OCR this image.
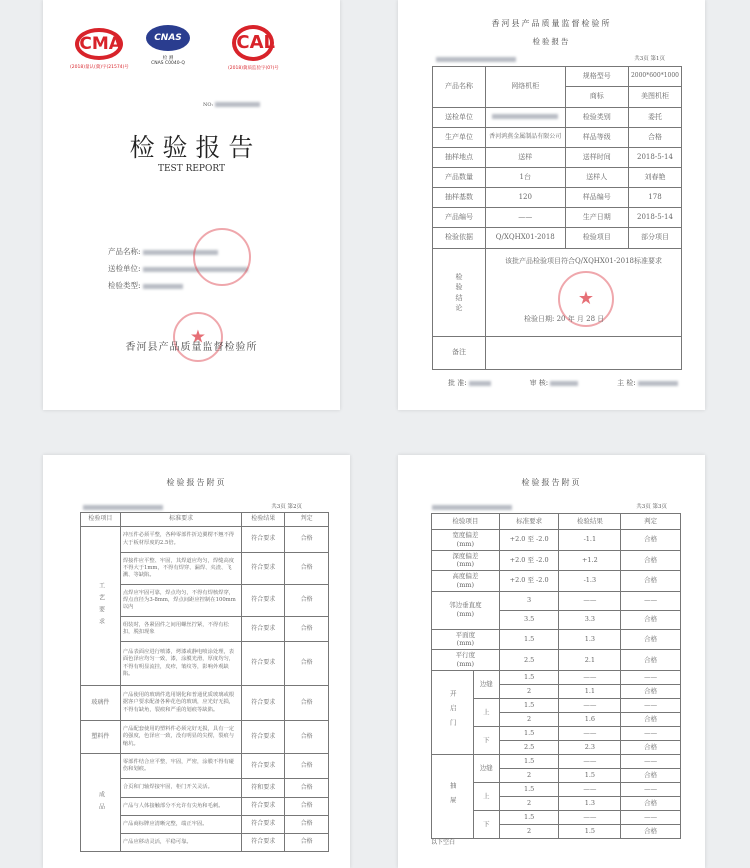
CMA
(2018)量认(冀)字(21574)号
CNAS
检 测
CNAS C0040-Q
CAL
(2018)冀质监验字(0?)号
NO:
检 验 报 告
TEST REPORT
产品名称:
送检单位:
检验类型:
★
香河县产品质量监督检验所
香河县产品质量监督检验所
检验报告
共3页 第1页
产品名称	网络机柜	规格型号	2000*600*1000
		商标	美图机柜
送检单位		检验类别	委托
生产单位	香河鸿燕金属制品有限公司	样品等级	合格
抽样地点	送样	送样时间	2018-5-14
产品数量	1台	送样人	刘春艳
抽样基数	120	样品编号	178
产品编号	——	生产日期	2018-5-14
检验依据	Q/XQHX01-2018	检验项目	部分项目
检验结论	该批产品检验项目符合Q/XQHX01-2018标准要求
★
检验日期: 20 年 月 28 日		

备注			
批 准:	审 核:	主 检:
检验报告附页
共3页 第2页
检验项目	标准要求	检验结果	判定
工艺要求	冲压件必须平整，各种零部件折边翼楞不翘不得大于板材厚度的2.5倍。	符合要求	合格
	焊接件应平整、牢固，其焊道应均匀，焊缝高度不得大于1mm，不得有焊穿、漏焊、夹渣、飞溅、等缺陷。	符合要求	合格
	点焊应牢固可靠，焊点均匀，不得有焊核焊穿，焊点直径为3-8mm，焊点间距应控制在100mm以内	符合要求	合格
	组装时，各紧固件之间用螺丝拧紧，不得有松扣，脱扣现象	符合要求	合格
	产品表面应进行喷漆，烤漆或静电喷涂处理，表面色泽应均匀一致，漆，涂膜光滑，厚度均匀，不得有明显流挂，皮疹，皱纹等，影响外观缺陷。	符合要求	合格
玻璃件	产品使用的玻璃件选用钢化和普通优质玻璃或根据客户要求配备各种花色的玻璃，应光好无损，不得有缺角，裂痕和严重的划痕等缺陷。	符合要求	合格
塑料件	产品配套使用的塑料件必须完好无损，具有一定的强度，色泽应一致，没有明显的尖楞，裂痕与缩坑。	符合要求	合格
成品	零部件结合应平整，牢固，严密，涂膜不得有碰伤和划痕。	符合要求	合格
	合页和门轴焊接牢固，柜门开关灵活。	符和要求	合格
	产品与人体接触部分不允许有尖角和毛刺。	符合要求	合格
	产品商标牌应清晰完整，端正牢固。	符合要求	合格
	产品应移动灵活，平稳可靠。	符合要求	合格
检验报告附页
共3页 第3页
检验项目		标准要求	检验结果	判定

宽度偏差
(mm)		+2.0 至 -2.0	-1.1	合格

深度偏差
(mm)		+2.0 至 -2.0	+1.2	合格

高度偏差
(mm)		+2.0 至 -2.0	-1.3	合格

邻边垂直度
(mm)		3	——	——
		3.5	3.3	合格

平面度
(mm)		1.5	1.3	合格

平行度
(mm)		2.5	2.1	合格
开启门	边缝	1.5	——	——
		2	1.1	合格
	上	1.5	——	——
		2	1.6	合格
	下	1.5	——	——
		2.5	2.3	合格
抽屉	边缝	1.5	——	——
		2	1.5	合格
	上	1.5	——	——
		2	1.3	合格
	下	1.5	——	——
		2	1.5	合格
以下空白
